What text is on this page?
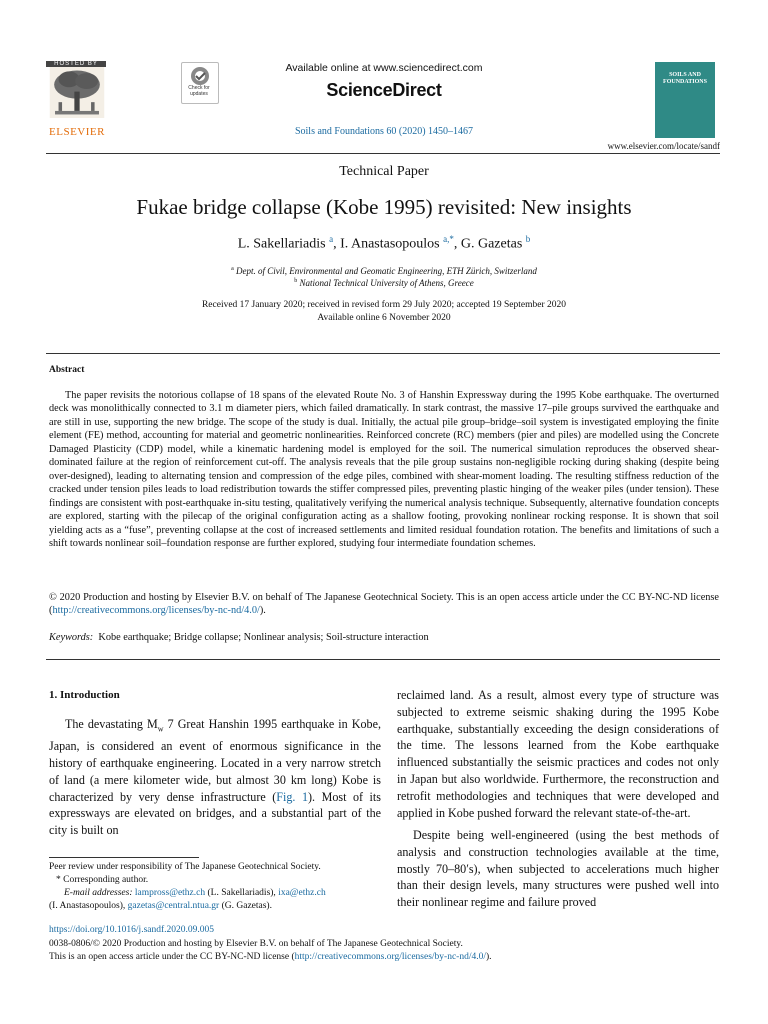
HOSTED BY
ELSEVIER
Check for updates
Available online at www.sciencedirect.com
ScienceDirect
Soils and Foundations 60 (2020) 1450–1467
SOILS AND FOUNDATIONS
www.elsevier.com/locate/sandf
Technical Paper
Fukae bridge collapse (Kobe 1995) revisited: New insights
L. Sakellariadis $^a$, I. Anastasopoulos $^{a,*}$, G. Gazetas $^b$
$^a$ Dept. of Civil, Environmental and Geomatic Engineering, ETH Zürich, Switzerland
$^b$ National Technical University of Athens, Greece
Received 17 January 2020; received in revised form 29 July 2020; accepted 19 September 2020
Available online 6 November 2020
Abstract
The paper revisits the notorious collapse of 18 spans of the elevated Route No. 3 of Hanshin Expressway during the 1995 Kobe earthquake. The overturned deck was monolithically connected to 3.1 m diameter piers, which failed dramatically. In stark contrast, the massive 17–pile groups survived the earthquake and are still in use, supporting the new bridge. The scope of the study is dual. Initially, the actual pile group–bridge–soil system is investigated employing the finite element (FE) method, accounting for material and geometric nonlinearities. Reinforced concrete (RC) members (pier and piles) are modelled using the Concrete Damaged Plasticity (CDP) model, while a kinematic hardening model is employed for the soil. The numerical simulation reproduces the observed shear-dominated failure at the region of reinforcement cut-off. The analysis reveals that the pile group sustains non-negligible rocking during shaking (despite being over-designed), leading to alternating tension and compression of the edge piles, combined with shear-moment loading. The resulting stiffness reduction of the cracked under tension piles leads to load redistribution towards the stiffer compressed piles, preventing plastic hinging of the weaker piles (under tension). These findings are consistent with post-earthquake in-situ testing, qualitatively verifying the numerical analysis technique. Subsequently, alternative foundation concepts are explored, starting with the pilecap of the original configuration acting as a shallow footing, provoking nonlinear rocking response. It is shown that soil yielding acts as a “fuse”, preventing collapse at the cost of increased settlements and limited residual foundation rotation. The benefits and limitations of such a shift towards nonlinear soil–foundation response are further explored, studying four intermediate foundation schemes.
© 2020 Production and hosting by Elsevier B.V. on behalf of The Japanese Geotechnical Society. This is an open access article under the CC BY-NC-ND license (http://creativecommons.org/licenses/by-nc-nd/4.0/).
Keywords: Kobe earthquake; Bridge collapse; Nonlinear analysis; Soil-structure interaction
1. Introduction
The devastating $M_w$ 7 Great Hanshin 1995 earthquake in Kobe, Japan, is considered an event of enormous significance in the history of earthquake engineering. Located in a very narrow stretch of land (a mere kilometer wide, but almost 30 km long) Kobe is characterized by very dense infrastructure (Fig. 1). Most of its expressways are elevated on bridges, and a substantial part of the city is built on
reclaimed land. As a result, almost every type of structure was subjected to extreme seismic shaking during the 1995 Kobe earthquake, substantially exceeding the design considerations of the time. The lessons learned from the Kobe earthquake influenced substantially the seismic practices and codes not only in Japan but also worldwide. Furthermore, the reconstruction and retrofit methodologies and techniques that were developed and applied in Kobe pushed forward the relevant state-of-the-art.
Despite being well-engineered (using the best methods of analysis and construction technologies available at the time, mostly 70–80′s), when subjected to accelerations much higher than their design levels, many structures were pushed well into their nonlinear regime and failure proved
Peer review under responsibility of The Japanese Geotechnical Society.
* Corresponding author.
E-mail addresses: lampross@ethz.ch (L. Sakellariadis), ixa@ethz.ch
(I. Anastasopoulos), gazetas@central.ntua.gr (G. Gazetas).
https://doi.org/10.1016/j.sandf.2020.09.005
0038-0806/© 2020 Production and hosting by Elsevier B.V. on behalf of The Japanese Geotechnical Society.
This is an open access article under the CC BY-NC-ND license (http://creativecommons.org/licenses/by-nc-nd/4.0/).
